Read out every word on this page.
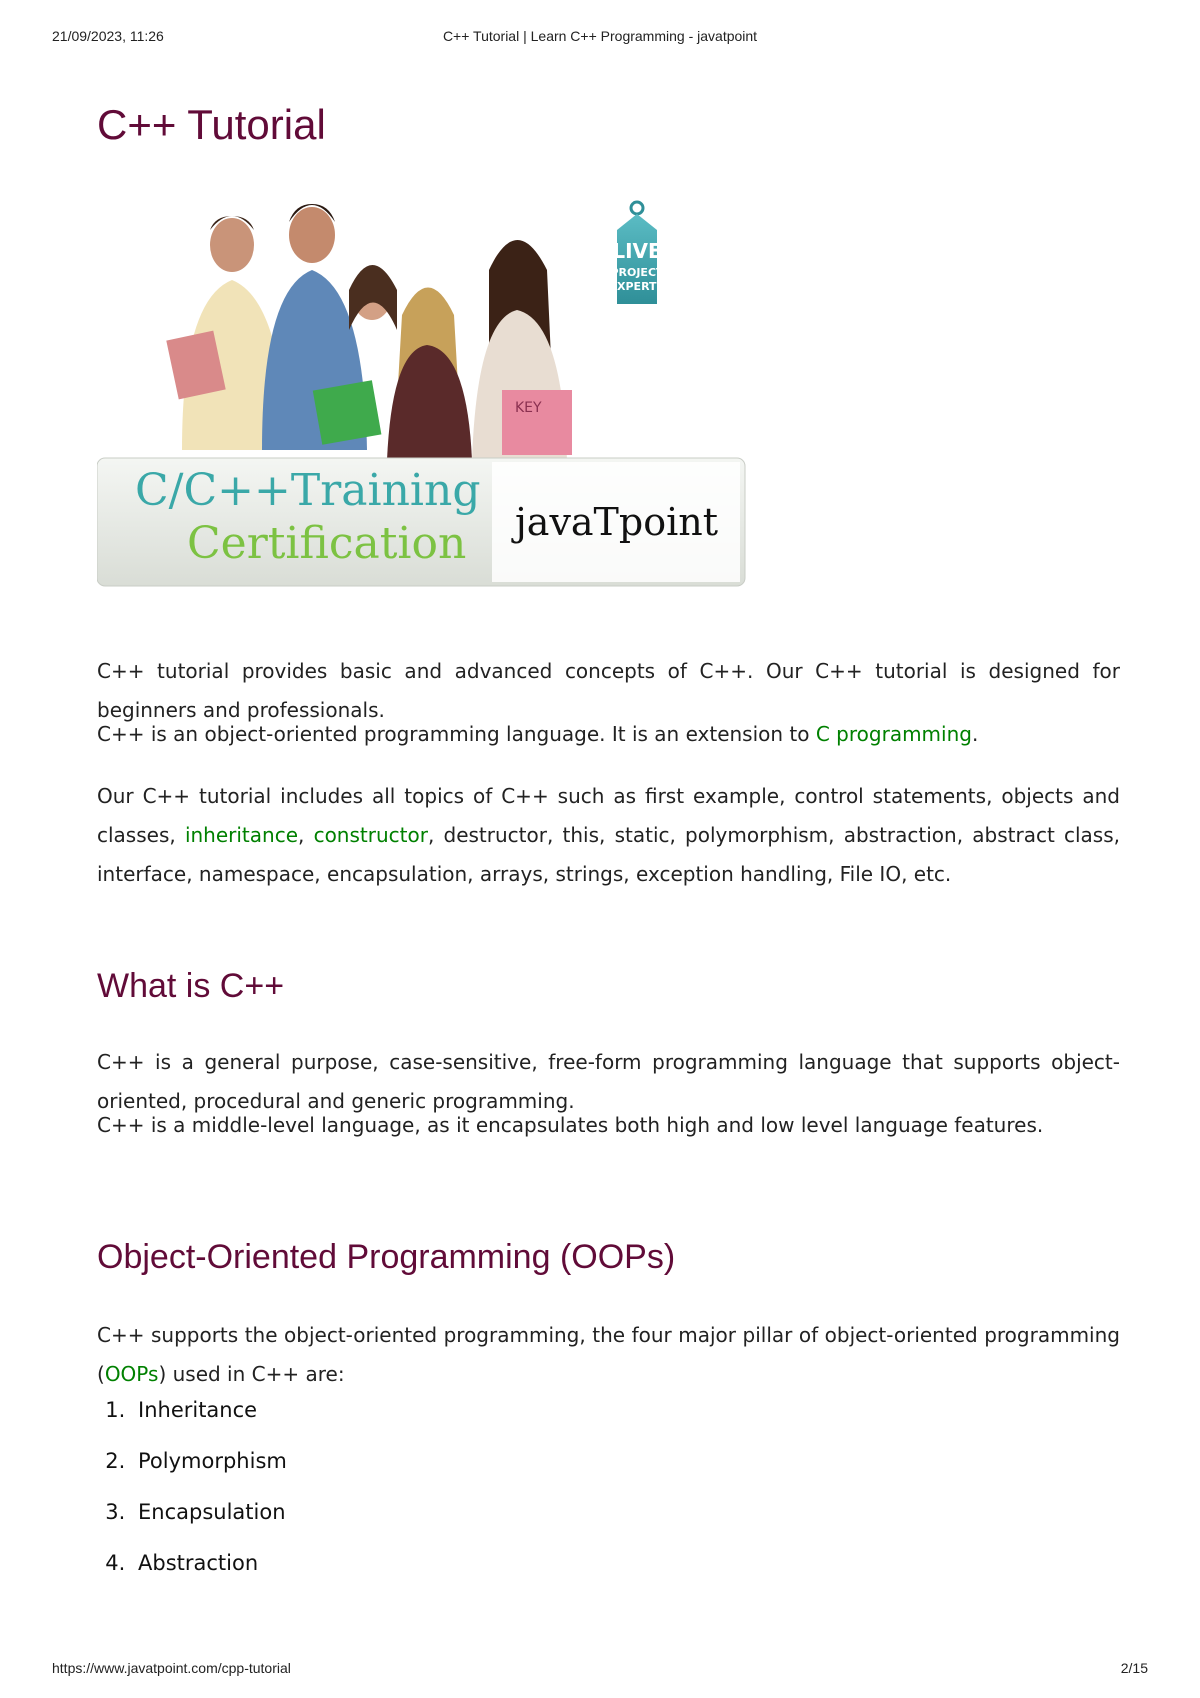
21/09/2023, 11:26	C++ Tutorial | Learn C++ Programming - javatpoint
C++ Tutorial
KEY
LIVE
PROJECT
EXPERTS
C/C++Training
Certification javaTpoint

C++ tutorial provides basic and advanced concepts of C++. Our C++ tutorial is designed for beginners and professionals.

C++ is an object-oriented programming language. It is an extension to C programming.

Our C++ tutorial includes all topics of C++ such as first example, control statements, objects and classes, inheritance, constructor, destructor, this, static, polymorphism, abstraction, abstract class, interface, namespace, encapsulation, arrays, strings, exception handling, File IO, etc.

What is C++

C++ is a general purpose, case-sensitive, free-form programming language that supports object-oriented, procedural and generic programming.

C++ is a middle-level language, as it encapsulates both high and low level language features.

Object-Oriented Programming (OOPs)

C++ supports the object-oriented programming, the four major pillar of object-oriented programming (OOPs) used in C++ are:

1. Inheritance
2. Polymorphism
3. Encapsulation
4. Abstraction
https://www.javatpoint.com/cpp-tutorial	2/15
